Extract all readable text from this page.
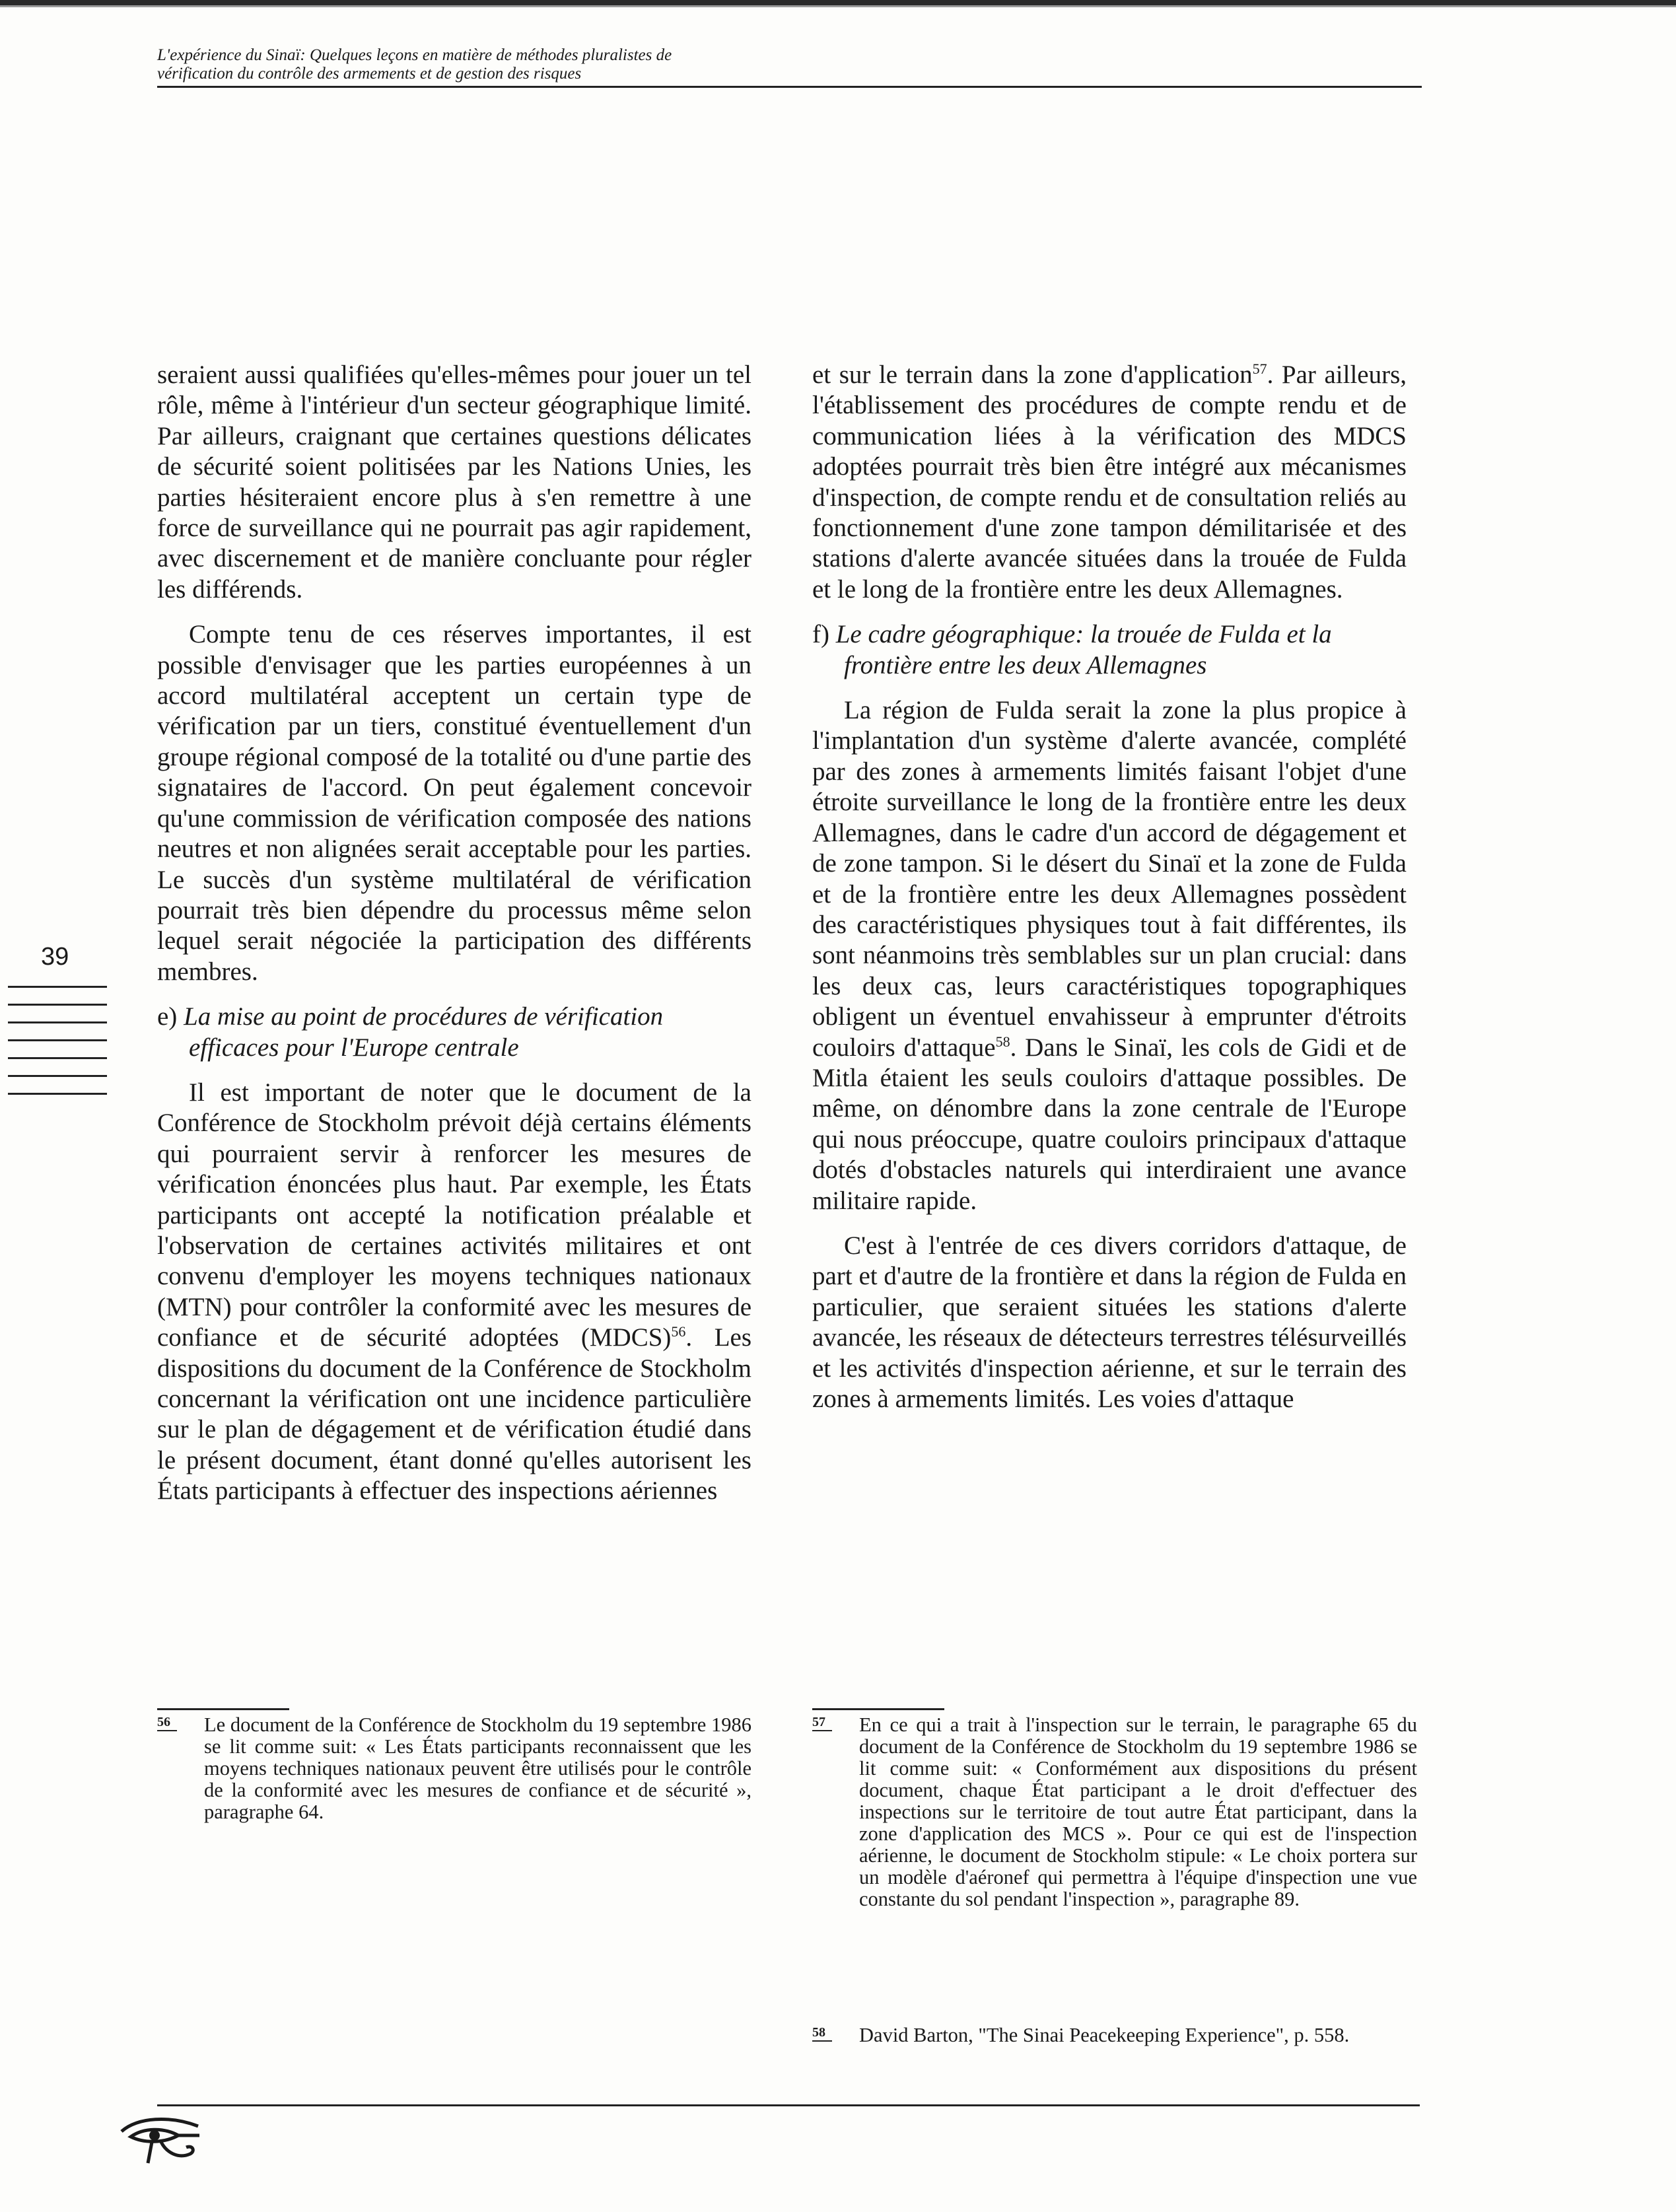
L'expérience du Sinaï: Quelques leçons en matière de méthodes pluralistes de
vérification du contrôle des armements et de gestion des risques
39

seraient aussi qualifiées qu'elles-mêmes pour jouer un tel rôle, même à l'intérieur d'un secteur géographique limité. Par ailleurs, craignant que certaines questions délicates de sécurité soient politisées par les Nations Unies, les parties hésiteraient encore plus à s'en remettre à une force de surveillance qui ne pourrait pas agir rapidement, avec discernement et de manière concluante pour régler les différends.

Compte tenu de ces réserves importantes, il est possible d'envisager que les parties européennes à un accord multilatéral acceptent un certain type de vérification par un tiers, constitué éventuellement d'un groupe régional composé de la totalité ou d'une partie des signataires de l'accord. On peut également concevoir qu'une commission de vérification composée des nations neutres et non alignées serait acceptable pour les parties. Le succès d'un système multilatéral de vérification pourrait très bien dépendre du processus même selon lequel serait négociée la participation des différents membres.

e) La mise au point de procédures de vérification efficaces pour l'Europe centrale

Il est important de noter que le document de la Conférence de Stockholm prévoit déjà certains éléments qui pourraient servir à renforcer les mesures de vérification énoncées plus haut. Par exemple, les États participants ont accepté la notification préalable et l'observation de certaines activités militaires et ont convenu d'employer les moyens techniques nationaux (MTN) pour contrôler la conformité avec les mesures de confiance et de sécurité adoptées (MDCS)$^{56}$. Les dispositions du document de la Conférence de Stockholm concernant la vérification ont une incidence particulière sur le plan de dégagement et de vérification étudié dans le présent document, étant donné qu'elles autorisent les États participants à effectuer des inspections aériennes

et sur le terrain dans la zone d'application$^{57}$. Par ailleurs, l'établissement des procédures de compte rendu et de communication liées à la vérification des MDCS adoptées pourrait très bien être intégré aux mécanismes d'inspection, de compte rendu et de consultation reliés au fonctionnement d'une zone tampon démilitarisée et des stations d'alerte avancée situées dans la trouée de Fulda et le long de la frontière entre les deux Allemagnes.

f) Le cadre géographique: la trouée de Fulda et la frontière entre les deux Allemagnes

La région de Fulda serait la zone la plus propice à l'implantation d'un système d'alerte avancée, complété par des zones à armements limités faisant l'objet d'une étroite surveillance le long de la frontière entre les deux Allemagnes, dans le cadre d'un accord de dégagement et de zone tampon. Si le désert du Sinaï et la zone de Fulda et de la frontière entre les deux Allemagnes possèdent des caractéristiques physiques tout à fait différentes, ils sont néanmoins très semblables sur un plan crucial: dans les deux cas, leurs caractéristiques topographiques obligent un éventuel envahisseur à emprunter d'étroits couloirs d'attaque$^{58}$. Dans le Sinaï, les cols de Gidi et de Mitla étaient les seuls couloirs d'attaque possibles. De même, on dénombre dans la zone centrale de l'Europe qui nous préoccupe, quatre couloirs principaux d'attaque dotés d'obstacles naturels qui interdiraient une avance militaire rapide.

C'est à l'entrée de ces divers corridors d'attaque, de part et d'autre de la frontière et dans la région de Fulda en particulier, que seraient situées les stations d'alerte avancée, les réseaux de détecteurs terrestres télésurveillés et les activités d'inspection aérienne, et sur le terrain des zones à armements limités. Les voies d'attaque

56 Le document de la Conférence de Stockholm du 19 septembre 1986 se lit comme suit: « Les États participants reconnaissent que les moyens techniques nationaux peuvent être utilisés pour le contrôle de la conformité avec les mesures de confiance et de sécurité », paragraphe 64.
57 En ce qui a trait à l'inspection sur le terrain, le paragraphe 65 du document de la Conférence de Stockholm du 19 septembre 1986 se lit comme suit: « Conformément aux dispositions du présent document, chaque État participant a le droit d'effectuer des inspections sur le territoire de tout autre État participant, dans la zone d'application des MCS ». Pour ce qui est de l'inspection aérienne, le document de Stockholm stipule: « Le choix portera sur un modèle d'aéronef qui permettra à l'équipe d'inspection une vue constante du sol pendant l'inspection », paragraphe 89.
58 David Barton, "The Sinai Peacekeeping Experience", p. 558.
